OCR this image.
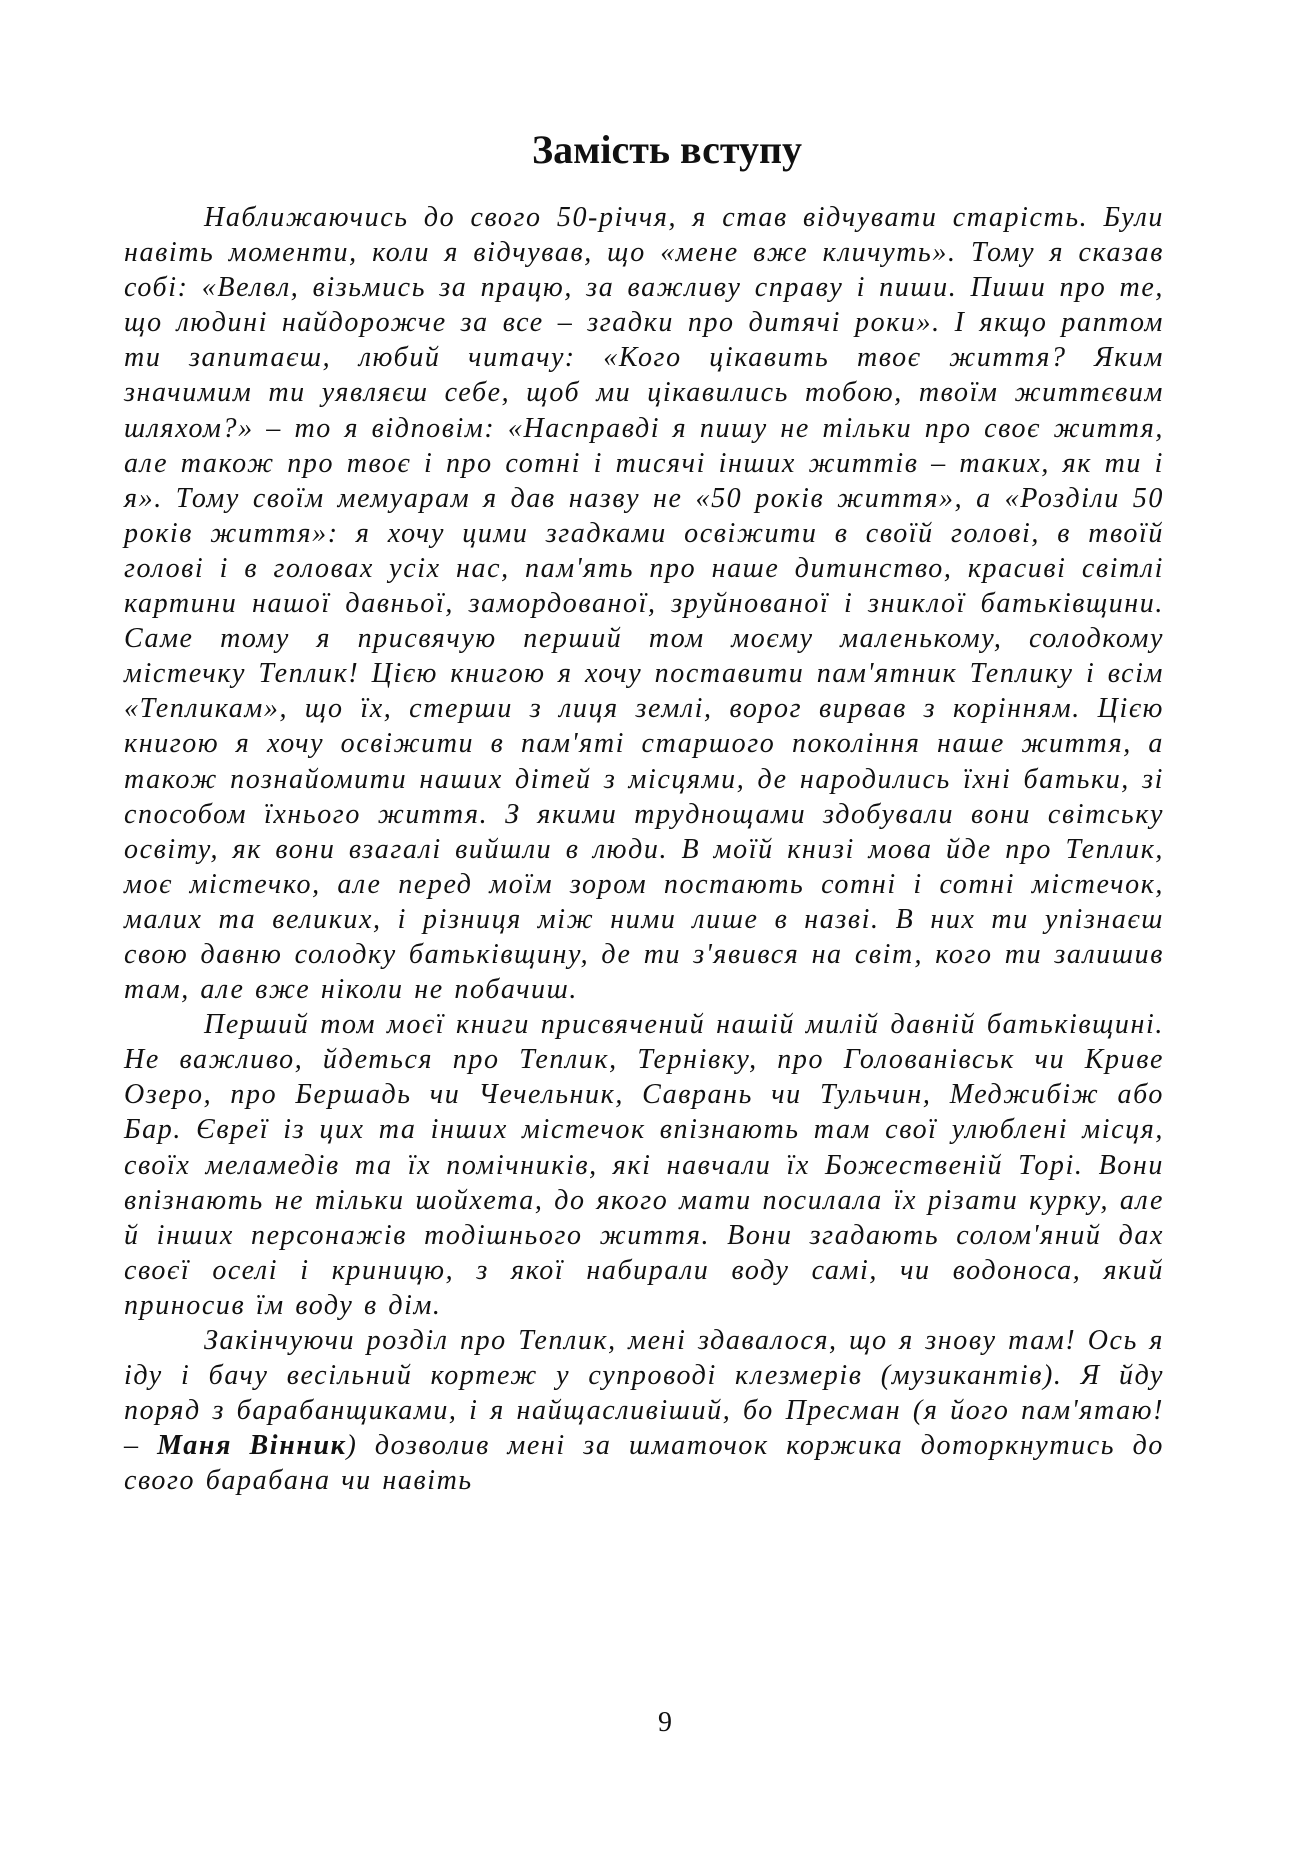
Замість вступу

Наближаючись до свого 50-річчя, я став відчувати старість. Були навіть моменти, коли я відчував, що «мене вже кличуть». Тому я сказав собі: «Велвл, візьмись за працю, за важливу справу і пиши. Пиши про те, що людині найдорожче за все – згадки про дитячі роки». І якщо раптом ти запитаєш, любий читачу: «Кого цікавить твоє життя? Яким значимим ти уявляєш себе, щоб ми цікавились тобою, твоїм життєвим шляхом?» – то я відповім: «Насправді я пишу не тільки про своє життя, але також про твоє і про сотні і тисячі інших життів – таких, як ти і я». Тому своїм мемуарам я дав назву не «50 років життя», а «Розділи 50 років життя»: я хочу цими згадками освіжити в своїй голові, в твоїй голові і в головах усіх нас, пам'ять про наше дитинство, красиві світлі картини нашої давньої, замордованої, зруйнованої і зниклої батьківщини. Саме тому я присвячую перший том моєму маленькому, солодкому містечку Теплик! Цією книгою я хочу поставити пам'ятник Теплику і всім «Тепликам», що їх, стерши з лиця землі, ворог вирвав з корінням. Цією книгою я хочу освіжити в пам'яті старшого покоління наше життя, а також познайомити наших дітей з місцями, де народились їхні батьки, зі способом їхнього життя. З якими труднощами здобували вони світську освіту, як вони взагалі вийшли в люди. В моїй книзі мова йде про Теплик, моє містечко, але перед моїм зором постають сотні і сотні містечок, малих та великих, і різниця між ними лише в назві. В них ти упізнаєш свою давню солодку батьківщину, де ти з'явився на світ, кого ти залишив там, але вже ніколи не побачиш.

Перший том моєї книги присвячений нашій милій давній батьківщині. Не важливо, йдеться про Теплик, Тернівку, про Голованівськ чи Криве Озеро, про Бершадь чи Чечельник, Саврань чи Тульчин, Меджибіж або Бар. Євреї із цих та інших містечок впізнають там свої улюблені місця, своїх меламедів та їх помічників, які навчали їх Божественій Торі. Вони впізнають не тільки шойхета, до якого мати посилала їх різати курку, але й інших персонажів тодішнього життя. Вони згадають солом'яний дах своєї оселі і криницю, з якої набирали воду самі, чи водоноса, який приносив їм воду в дім.

Закінчуючи розділ про Теплик, мені здавалося, що я знову там! Ось я іду і бачу весільний кортеж у супроводі клезмерів (музикантів). Я йду поряд з барабанщиками, і я найщасливіший, бо Пресман (я його пам'ятаю! – Маня Вінник) дозволив мені за шматочок коржика доторкнутись до свого барабана чи навіть

9
